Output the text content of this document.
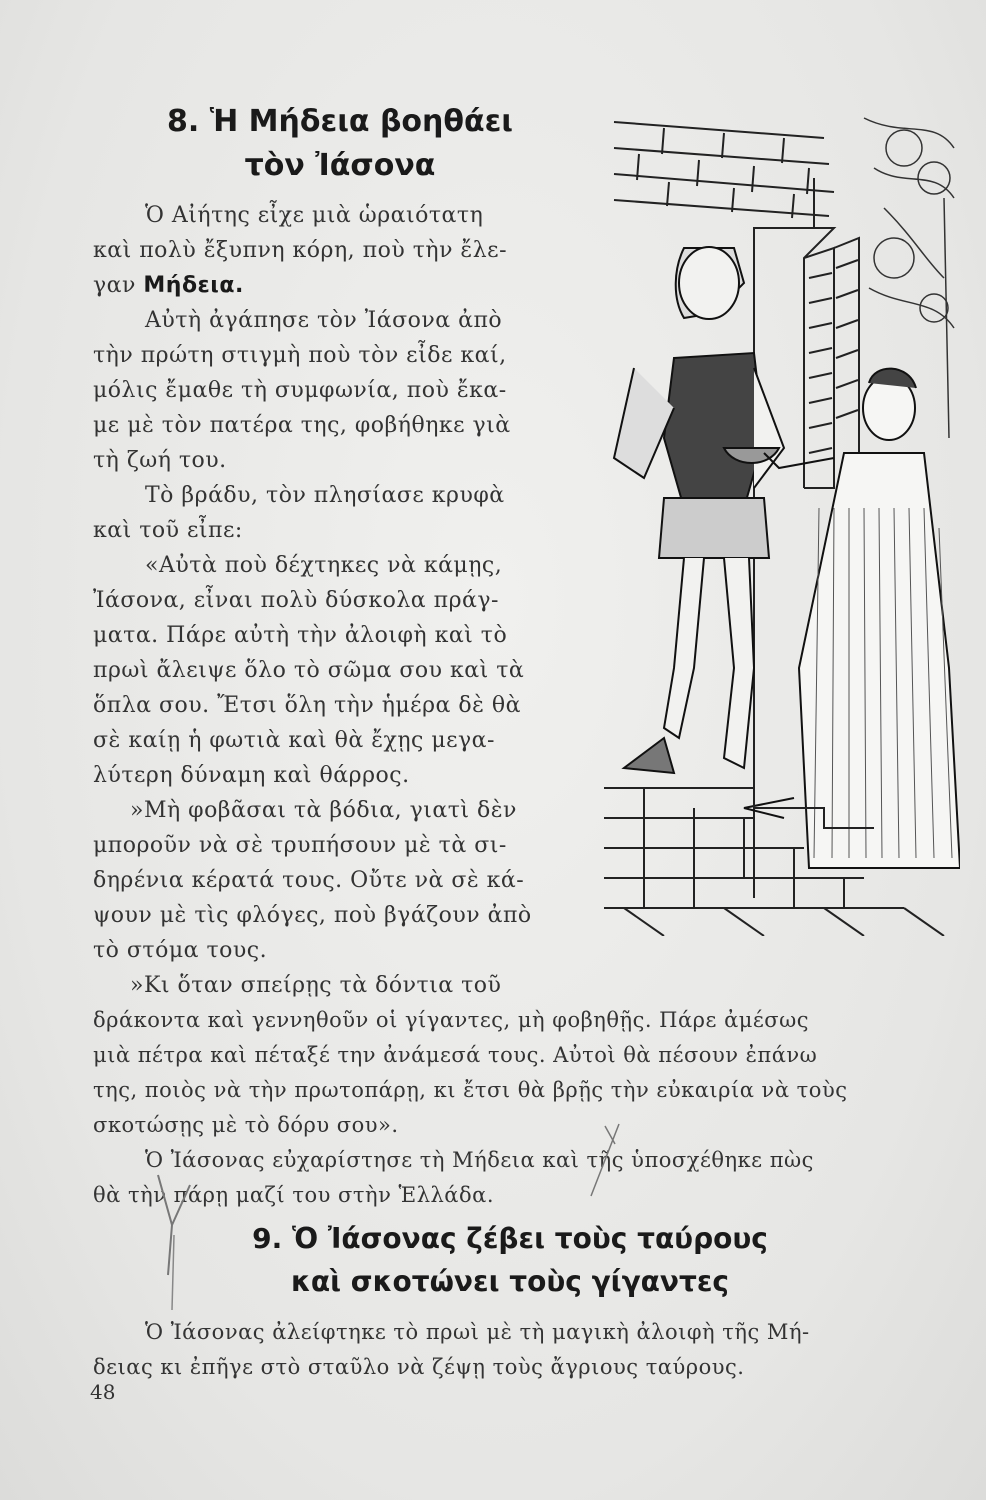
8. Ἡ Μήδεια βοηθάει
τὸν Ἰάσονα
Ὁ Αἰήτης εἶχε μιὰ ὡραιότατη
καὶ πολὺ ἔξυπνη κόρη, ποὺ τὴν ἔλε-
γαν Μήδεια.
Αὐτὴ ἀγάπησε τὸν Ἰάσονα ἀπὸ
τὴν πρώτη στιγμὴ ποὺ τὸν εἶδε καί,
μόλις ἔμαθε τὴ συμφωνία, ποὺ ἔκα-
με μὲ τὸν πατέρα της, φοβήθηκε γιὰ
τὴ ζωή του.
Τὸ βράδυ, τὸν πλησίασε κρυφὰ
καὶ τοῦ εἶπε:
«Αὐτὰ ποὺ δέχτηκες νὰ κάμῃς,
Ἰάσονα, εἶναι πολὺ δύσκολα πράγ-
ματα. Πάρε αὐτὴ τὴν ἀλοιφὴ καὶ τὸ
πρωὶ ἄλειψε ὅλο τὸ σῶμα σου καὶ τὰ
ὅπλα σου. Ἔτσι ὅλη τὴν ἡμέρα δὲ θὰ
σὲ καίῃ ἡ φωτιὰ καὶ θὰ ἔχῃς μεγα-
λύτερη δύναμη καὶ θάρρος.
»Μὴ φοβᾶσαι τὰ βόδια, γιατὶ δὲν
μποροῦν νὰ σὲ τρυπήσουν μὲ τὰ σι-
δηρένια κέρατά τους. Οὔτε νὰ σὲ κά-
ψουν μὲ τὶς φλόγες, ποὺ βγάζουν ἀπὸ
τὸ στόμα τους.
»Κι ὅταν σπείρῃς τὰ δόντια τοῦ
δράκοντα καὶ γεννηθοῦν οἱ γίγαντες, μὴ φοβηθῇς. Πάρε ἀμέσως
μιὰ πέτρα καὶ πέταξέ την ἀνάμεσά τους. Αὐτοὶ θὰ πέσουν ἐπάνω
της, ποιὸς νὰ τὴν πρωτοπάρῃ, κι ἔτσι θὰ βρῇς τὴν εὐκαιρία νὰ τοὺς
σκοτώσῃς μὲ τὸ δόρυ σου».
Ὁ Ἰάσονας εὐχαρίστησε τὴ Μήδεια καὶ τῆς ὑποσχέθηκε πὼς
θὰ τὴν πάρῃ μαζί του στὴν Ἑλλάδα.
9. Ὁ Ἰάσονας ζέβει τοὺς ταύρους
καὶ σκοτώνει τοὺς γίγαντες
Ὁ Ἰάσονας ἀλείφτηκε τὸ πρωὶ μὲ τὴ μαγικὴ ἀλοιφὴ τῆς Μή-
δειας κι ἐπῆγε στὸ σταῦλο νὰ ζέψῃ τοὺς ἄγριους ταύρους.
48
